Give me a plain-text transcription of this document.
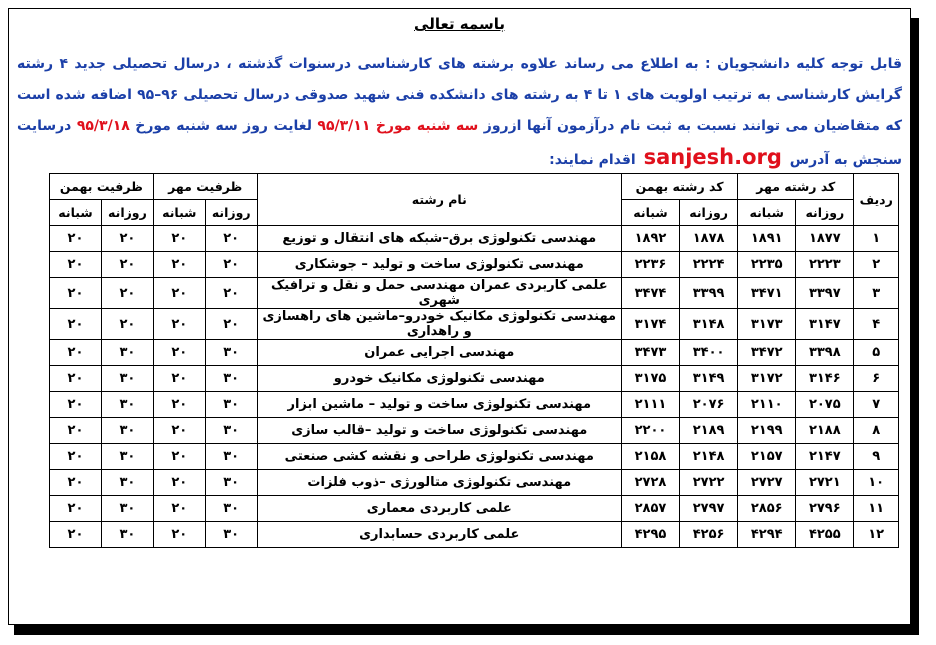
باسمه تعالی
قابل توجه کلیه دانشجویان : به اطلاع می رساند علاوه برشته های کارشناسی درسنوات گذشته ، درسال تحصیلی جدید ۴ رشته گرایش کارشناسی به ترتیب اولویت های ۱ تا ۴ به رشته های دانشکده فنی شهید صدوقی درسال تحصیلی ۹۶–۹۵ اضافه شده است که متقاضیان می توانند نسبت به ثبت نام درآزمون آنها ازروز سه شنبه مورخ ۹۵/۳/۱۱ لغایت روز سه شنبه مورخ ۹۵/۳/۱۸ درسایت سنجش به آدرس sanjesh.org اقدام نمایند:
ردیف	کد رشته مهر		کد رشته بهمن		نام رشته	ظرفیت مهر		ظرفیت بهمن	
	روزانه	شبانه	روزانه	شبانه		روزانه	شبانه	روزانه	شبانه
۱	۱۸۷۷	۱۸۹۱	۱۸۷۸	۱۸۹۲	مهندسی تکنولوژی برق–شبکه های انتقال و توزیع	۲۰	۲۰	۲۰	۲۰
۲	۲۲۲۳	۲۲۳۵	۲۲۲۴	۲۲۳۶	مهندسی تکنولوژی ساخت و تولید – جوشکاری	۲۰	۲۰	۲۰	۲۰
۳	۳۳۹۷	۳۴۷۱	۳۳۹۹	۳۴۷۴	علمی کاربردی عمران مهندسی حمل و نقل و ترافیک شهری	۲۰	۲۰	۲۰	۲۰
۴	۳۱۴۷	۳۱۷۳	۳۱۴۸	۳۱۷۴	مهندسی تکنولوژی مکانیک خودرو–ماشین های راهسازی و راهداری	۲۰	۲۰	۲۰	۲۰
۵	۳۳۹۸	۳۴۷۲	۳۴۰۰	۳۴۷۳	مهندسی اجرایی عمران	۳۰	۲۰	۳۰	۲۰
۶	۳۱۴۶	۳۱۷۲	۳۱۴۹	۳۱۷۵	مهندسی تکنولوژی مکانیک خودرو	۳۰	۲۰	۳۰	۲۰
۷	۲۰۷۵	۲۱۱۰	۲۰۷۶	۲۱۱۱	مهندسی تکنولوژی ساخت و تولید – ماشین ابزار	۳۰	۲۰	۳۰	۲۰
۸	۲۱۸۸	۲۱۹۹	۲۱۸۹	۲۲۰۰	مهندسی تکنولوژی ساخت و تولید –قالب سازی	۳۰	۲۰	۳۰	۲۰
۹	۲۱۴۷	۲۱۵۷	۲۱۴۸	۲۱۵۸	مهندسی تکنولوژی طراحی و نقشه کشی صنعتی	۳۰	۲۰	۳۰	۲۰
۱۰	۲۷۲۱	۲۷۲۷	۲۷۲۲	۲۷۲۸	مهندسی تکنولوژی متالورژی –ذوب فلزات	۳۰	۲۰	۳۰	۲۰
۱۱	۲۷۹۶	۲۸۵۶	۲۷۹۷	۲۸۵۷	علمی کاربردی معماری	۳۰	۲۰	۳۰	۲۰
۱۲	۴۲۵۵	۴۲۹۴	۴۲۵۶	۴۲۹۵	علمی کاربردی حسابداری	۳۰	۲۰	۳۰	۲۰
